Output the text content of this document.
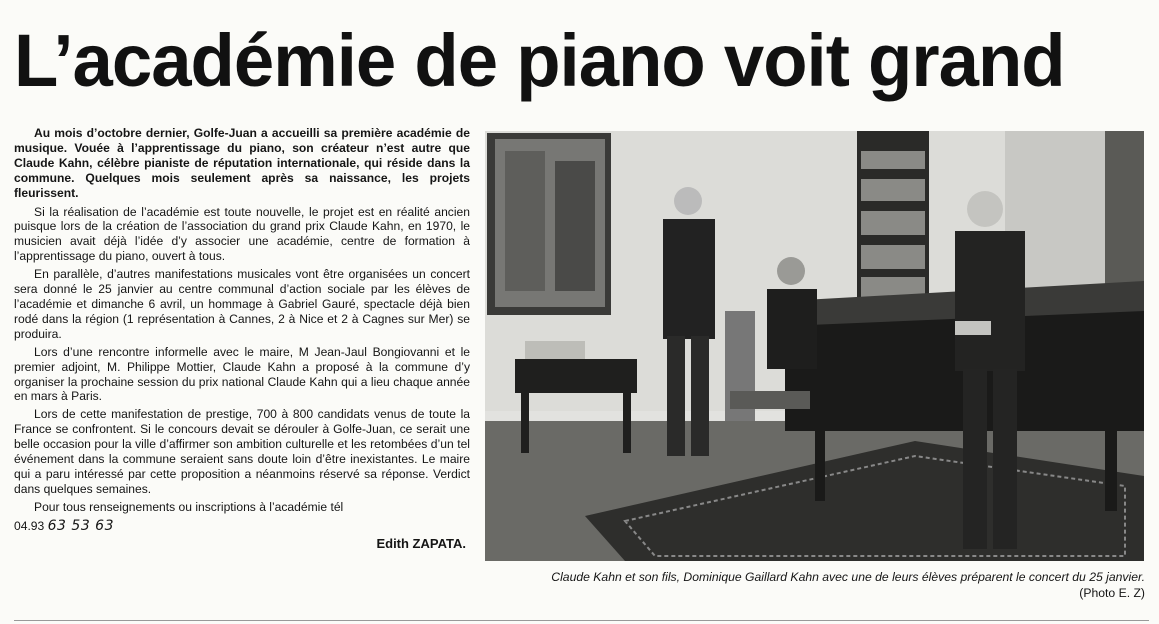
L’académie de piano voit grand

Au mois d’octobre dernier, Golfe-Juan a accueilli sa première académie de musique. Vouée à l’apprentissage du piano, son créateur n’est autre que Claude Kahn, célèbre pianiste de réputation internationale, qui réside dans la commune. Quelques mois seulement après sa naissance, les projets fleurissent.

Si la réalisation de l’académie est toute nouvelle, le projet est en réalité ancien puisque lors de la création de l’association du grand prix Claude Kahn, en 1970, le musicien avait déjà l’idée d’y associer une académie, centre de formation à l’apprentissage du piano, ouvert à tous.

En parallèle, d’autres manifestations musicales vont être organisées un concert sera donné le 25 janvier au centre communal d’action sociale par les élèves de l’académie et dimanche 6 avril, un hommage à Gabriel Gauré, spectacle déjà bien rodé dans la région (1 représentation à Cannes, 2 à Nice et 2 à Cagnes sur Mer) se produira.

Lors d’une rencontre informelle avec le maire, M Jean-Jaul Bongiovanni et le premier adjoint, M. Philippe Mottier, Claude Kahn a proposé à la commune d’y organiser la prochaine session du prix national Claude Kahn qui a lieu chaque année en mars à Paris.

Lors de cette manifestation de prestige, 700 à 800 candidats venus de toute la France se confrontent. Si le concours devait se dérouler à Golfe-Juan, ce serait une belle occasion pour la ville d’affirmer son ambition culturelle et les retombées d’un tel événement dans la commune seraient sans doute loin d’être inexistantes. Le maire qui a paru intéressé par cette proposition a néanmoins réservé sa réponse. Verdict dans quelques semaines.

Pour tous renseignements ou inscriptions à l’académie tél

04.93 63 53 63

Edith ZAPATA.

Claude Kahn et son fils, Dominique Gaillard Kahn avec une de leurs élèves préparent le concert du 25 janvier.

(Photo E. Z)
